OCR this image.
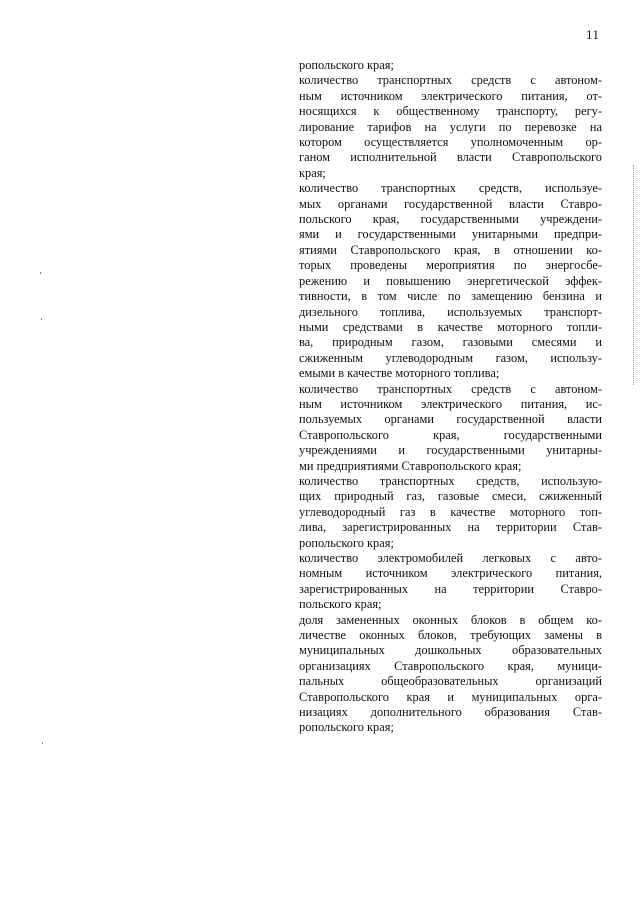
11
ропольского края;
количество транспортных средств с автоном-
ным источником электрического питания, от-
носящихся к общественному транспорту, регу-
лирование тарифов на услуги по перевозке на
котором осуществляется уполномоченным ор-
ганом исполнительной власти Ставропольского
края;
количество транспортных средств, используе-
мых органами государственной власти Ставро-
польского края, государственными учреждени-
ями и государственными унитарными предпри-
ятиями Ставропольского края, в отношении ко-
торых проведены мероприятия по энергосбе-
режению и повышению энергетической эффек-
тивности, в том числе по замещению бензина и
дизельного топлива, используемых транспорт-
ными средствами в качестве моторного топли-
ва, природным газом, газовыми смесями и
сжиженным углеводородным газом, использу-
емыми в качестве моторного топлива;
количество транспортных средств с автоном-
ным источником электрического питания, ис-
пользуемых органами государственной власти
Ставропольского края, государственными
учреждениями и государственными унитарны-
ми предприятиями Ставропольского края;
количество транспортных средств, использую-
щих природный газ, газовые смеси, сжиженный
углеводородный газ в качестве моторного топ-
лива, зарегистрированных на территории Став-
ропольского края;
количество электромобилей легковых с авто-
номным источником электрического питания,
зарегистрированных на территории Ставро-
польского края;
доля замененных оконных блоков в общем ко-
личестве оконных блоков, требующих замены в
муниципальных дошкольных образовательных
организациях Ставропольского края, муници-
пальных общеобразовательных организаций
Ставропольского края и муниципальных орга-
низациях дополнительного образования Став-
ропольского края;
